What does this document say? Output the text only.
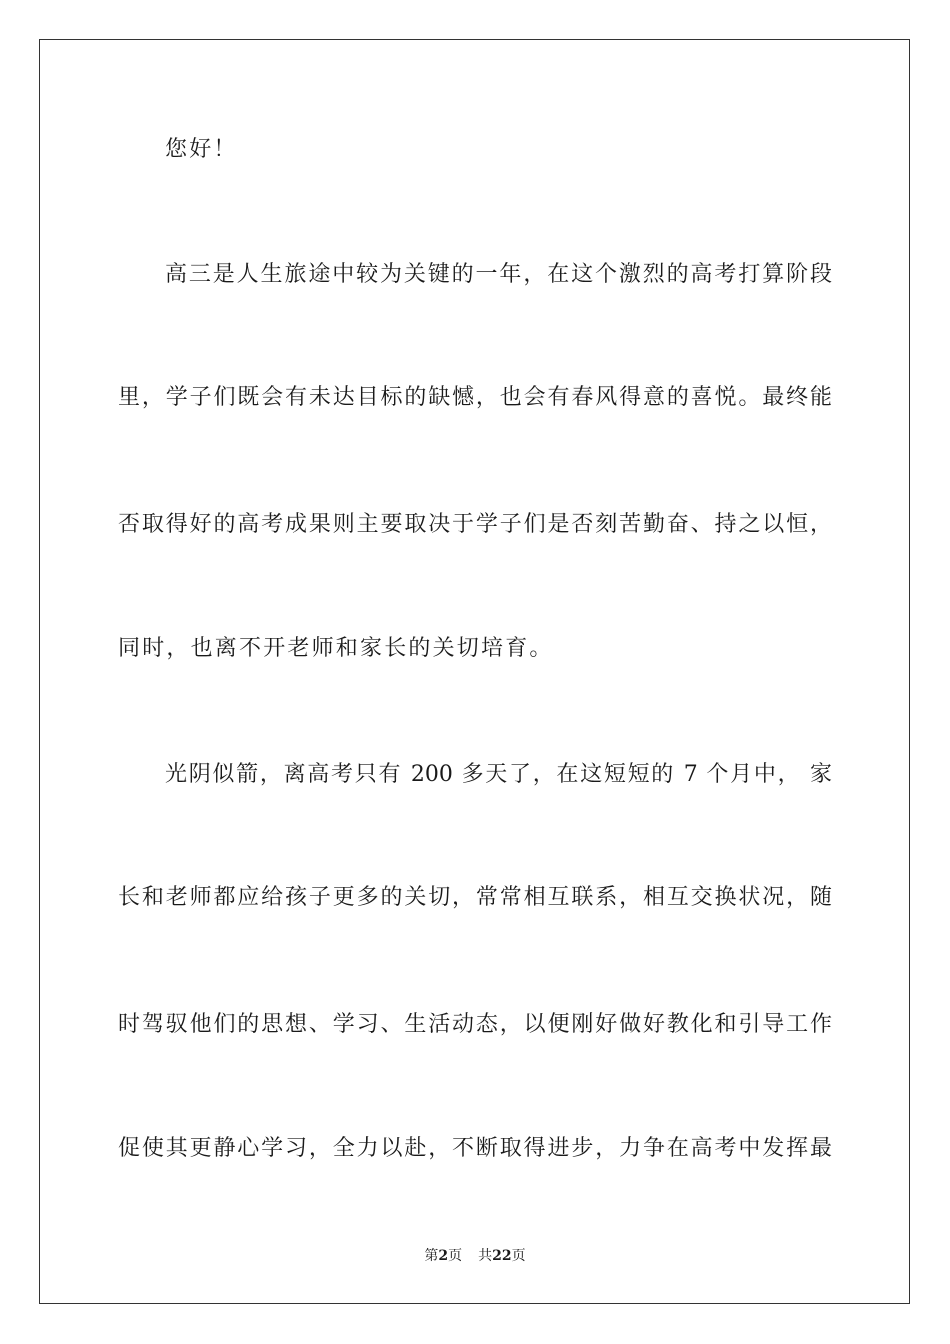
您好！
高三是人生旅途中较为关键的一年，在这个激烈的高考打算阶段
里，学子们既会有未达目标的缺憾，也会有春风得意的喜悦。最终能
否取得好的高考成果则主要取决于学子们是否刻苦勤奋、持之以恒，
同时，也离不开老师和家长的关切培育。
光阴似箭，离高考只有 200 多天了，在这短短的 7 个月中， 家
长和老师都应给孩子更多的关切，常常相互联系，相互交换状况，随
时驾驭他们的思想、学习、生活动态，以便刚好做好教化和引导工作
促使其更静心学习，全力以赴，不断取得进步，力争在高考中发挥最
第2页 共22页
